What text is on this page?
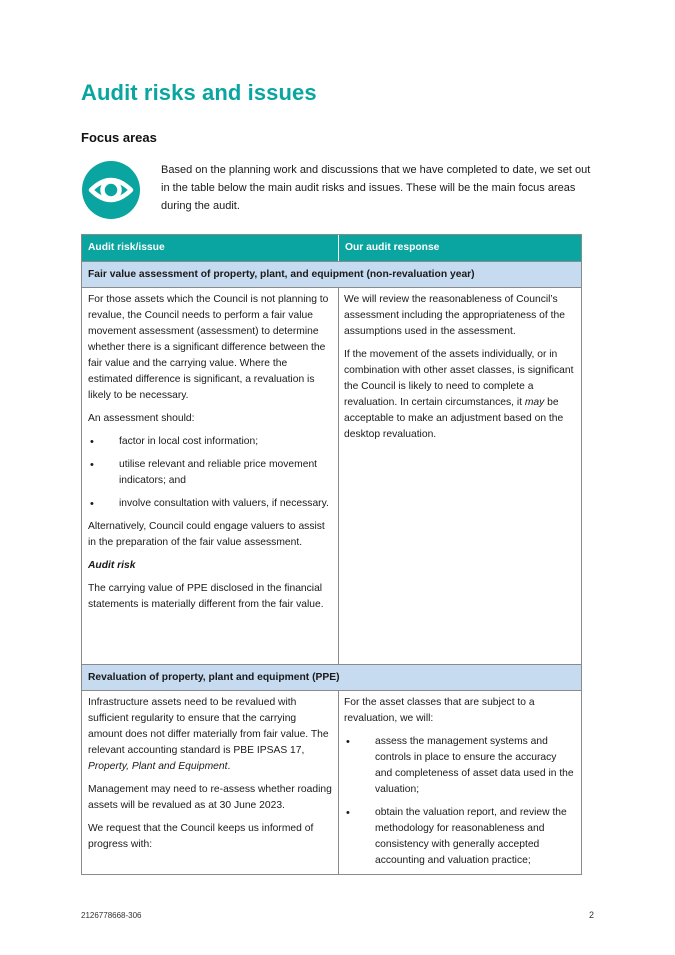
Audit risks and issues
Focus areas

Based on the planning work and discussions that we have completed to date, we set out in the table below the main audit risks and issues. These will be the main focus areas during the audit.

Audit risk/issue	Our audit response
Fair value assessment of property, plant, and equipment (non-revaluation year)

For those assets which the Council is not planning to revalue, the Council needs to perform a fair value movement assessment (assessment) to determine whether there is a significant difference between the fair value and the carrying value. Where the estimated difference is significant, a revaluation is likely to be necessary.

An assessment should:

• factor in local cost information;
• utilise relevant and reliable price movement indicators; and
• involve consultation with valuers, if necessary.

Alternatively, Council could engage valuers to assist in the preparation of the fair value assessment.

Audit risk

The carrying value of PPE disclosed in the financial statements is materially different from the fair value.

We will review the reasonableness of Council’s assessment including the appropriateness of the assumptions used in the assessment.

If the movement of the assets individually, or in combination with other asset classes, is significant the Council is likely to need to complete a revaluation. In certain circumstances, it may be acceptable to make an adjustment based on the desktop revaluation.

Revaluation of property, plant and equipment (PPE)

Infrastructure assets need to be revalued with sufficient regularity to ensure that the carrying amount does not differ materially from fair value. The relevant accounting standard is PBE IPSAS 17, Property, Plant and Equipment.

Management may need to re-assess whether roading assets will be revalued as at 30 June 2023.

We request that the Council keeps us informed of progress with:

For the asset classes that are subject to a revaluation, we will:

• assess the management systems and controls in place to ensure the accuracy and completeness of asset data used in the valuation;
• obtain the valuation report, and review the methodology for reasonableness and consistency with generally accepted accounting and valuation practice;
2126778668-306	2
